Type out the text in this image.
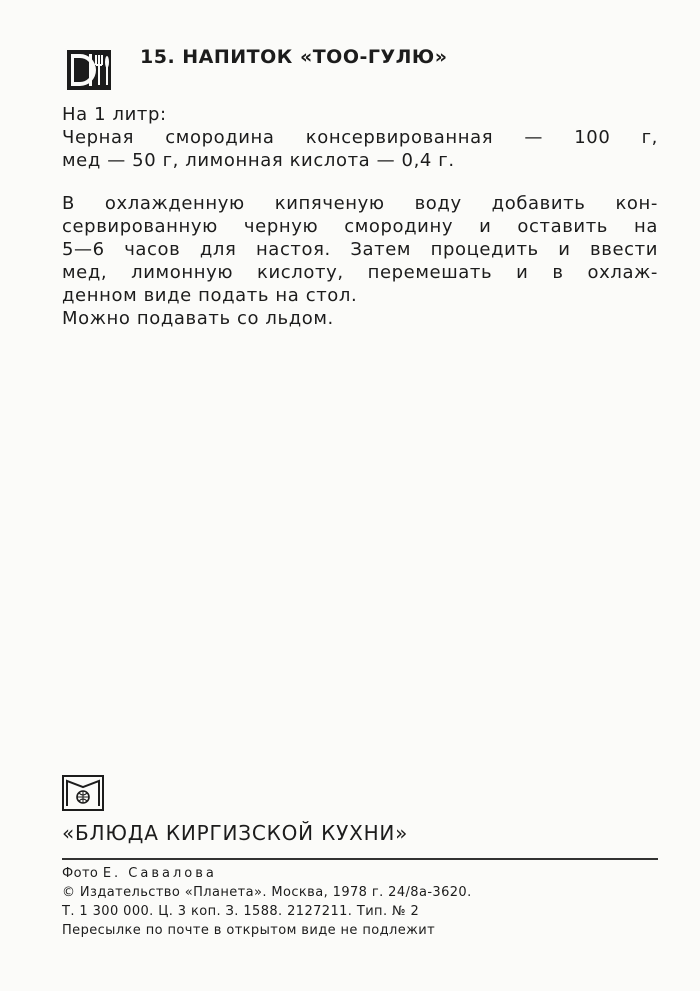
15. НАПИТОК «ТОО-ГУЛЮ»
На 1 литр:
Черная смородина консервированная — 100 г,
мед — 50 г, лимонная кислота — 0,4 г.
В охлажденную кипяченую воду добавить кон-
сервированную черную смородину и оставить на
5—6 часов для настоя. Затем процедить и ввести
мед, лимонную кислоту, перемешать и в охлаж-
денном виде подать на стол.
Можно подавать со льдом.
«БЛЮДА КИРГИЗСКОЙ КУХНИ»
Фото Е. Савалова
© Издательство «Планета». Москва, 1978 г. 24/8а-3620.
Т. 1 300 000. Ц. 3 коп. З. 1588. 2127211. Тип. № 2
Пересылке по почте в открытом виде не подлежит
